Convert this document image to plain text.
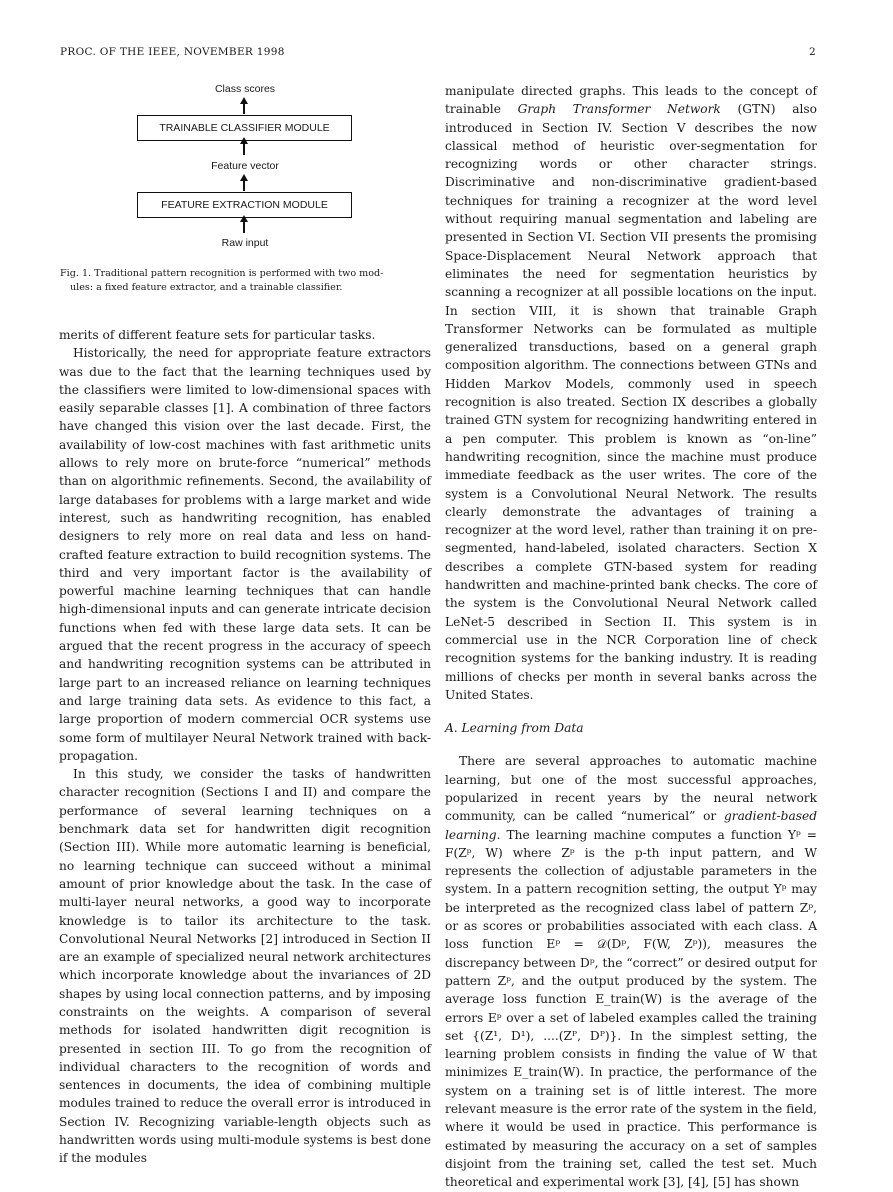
PROC. OF THE IEEE, NOVEMBER 1998	2
Class scores
TRAINABLE CLASSIFIER MODULE
Feature vector
FEATURE EXTRACTION MODULE
Raw input
Fig. 1. Traditional pattern recognition is performed with two mod-
ules: a fixed feature extractor, and a trainable classifier.

merits of different feature sets for particular tasks.

Historically, the need for appropriate feature extractors was due to the fact that the learning techniques used by the classifiers were limited to low-dimensional spaces with easily separable classes [1]. A combination of three factors have changed this vision over the last decade. First, the availability of low-cost machines with fast arithmetic units allows to rely more on brute-force “numerical” methods than on algorithmic refinements. Second, the availability of large databases for problems with a large market and wide interest, such as handwriting recognition, has enabled designers to rely more on real data and less on hand-crafted feature extraction to build recognition systems. The third and very important factor is the availability of powerful machine learning techniques that can handle high-dimensional inputs and can generate intricate decision functions when fed with these large data sets. It can be argued that the recent progress in the accuracy of speech and handwriting recognition systems can be attributed in large part to an increased reliance on learning techniques and large training data sets. As evidence to this fact, a large proportion of modern commercial OCR systems use some form of multilayer Neural Network trained with back-propagation.

In this study, we consider the tasks of handwritten character recognition (Sections I and II) and compare the performance of several learning techniques on a benchmark data set for handwritten digit recognition (Section III). While more automatic learning is beneficial, no learning technique can succeed without a minimal amount of prior knowledge about the task. In the case of multi-layer neural networks, a good way to incorporate knowledge is to tailor its architecture to the task. Convolutional Neural Networks [2] introduced in Section II are an example of specialized neural network architectures which incorporate knowledge about the invariances of 2D shapes by using local connection patterns, and by imposing constraints on the weights. A comparison of several methods for isolated handwritten digit recognition is presented in section III. To go from the recognition of individual characters to the recognition of words and sentences in documents, the idea of combining multiple modules trained to reduce the overall error is introduced in Section IV. Recognizing variable-length objects such as handwritten words using multi-module systems is best done if the modules

manipulate directed graphs. This leads to the concept of trainable Graph Transformer Network (GTN) also introduced in Section IV. Section V describes the now classical method of heuristic over-segmentation for recognizing words or other character strings. Discriminative and non-discriminative gradient-based techniques for training a recognizer at the word level without requiring manual segmentation and labeling are presented in Section VI. Section VII presents the promising Space-Displacement Neural Network approach that eliminates the need for segmentation heuristics by scanning a recognizer at all possible locations on the input. In section VIII, it is shown that trainable Graph Transformer Networks can be formulated as multiple generalized transductions, based on a general graph composition algorithm. The connections between GTNs and Hidden Markov Models, commonly used in speech recognition is also treated. Section IX describes a globally trained GTN system for recognizing handwriting entered in a pen computer. This problem is known as “on-line” handwriting recognition, since the machine must produce immediate feedback as the user writes. The core of the system is a Convolutional Neural Network. The results clearly demonstrate the advantages of training a recognizer at the word level, rather than training it on pre-segmented, hand-labeled, isolated characters. Section X describes a complete GTN-based system for reading handwritten and machine-printed bank checks. The core of the system is the Convolutional Neural Network called LeNet-5 described in Section II. This system is in commercial use in the NCR Corporation line of check recognition systems for the banking industry. It is reading millions of checks per month in several banks across the United States.

A. Learning from Data

There are several approaches to automatic machine learning, but one of the most successful approaches, popularized in recent years by the neural network community, can be called “numerical” or gradient-based learning. The learning machine computes a function Yᵖ = F(Zᵖ, W) where Zᵖ is the p-th input pattern, and W represents the collection of adjustable parameters in the system. In a pattern recognition setting, the output Yᵖ may be interpreted as the recognized class label of pattern Zᵖ, or as scores or probabilities associated with each class. A loss function Eᵖ = 𝒟(Dᵖ, F(W, Zᵖ)), measures the discrepancy between Dᵖ, the “correct” or desired output for pattern Zᵖ, and the output produced by the system. The average loss function E_train(W) is the average of the errors Eᵖ over a set of labeled examples called the training set {(Z¹, D¹), ....(Zᴾ, Dᴾ)}. In the simplest setting, the learning problem consists in finding the value of W that minimizes E_train(W). In practice, the performance of the system on a training set is of little interest. The more relevant measure is the error rate of the system in the field, where it would be used in practice. This performance is estimated by measuring the accuracy on a set of samples disjoint from the training set, called the test set. Much theoretical and experimental work [3], [4], [5] has shown
